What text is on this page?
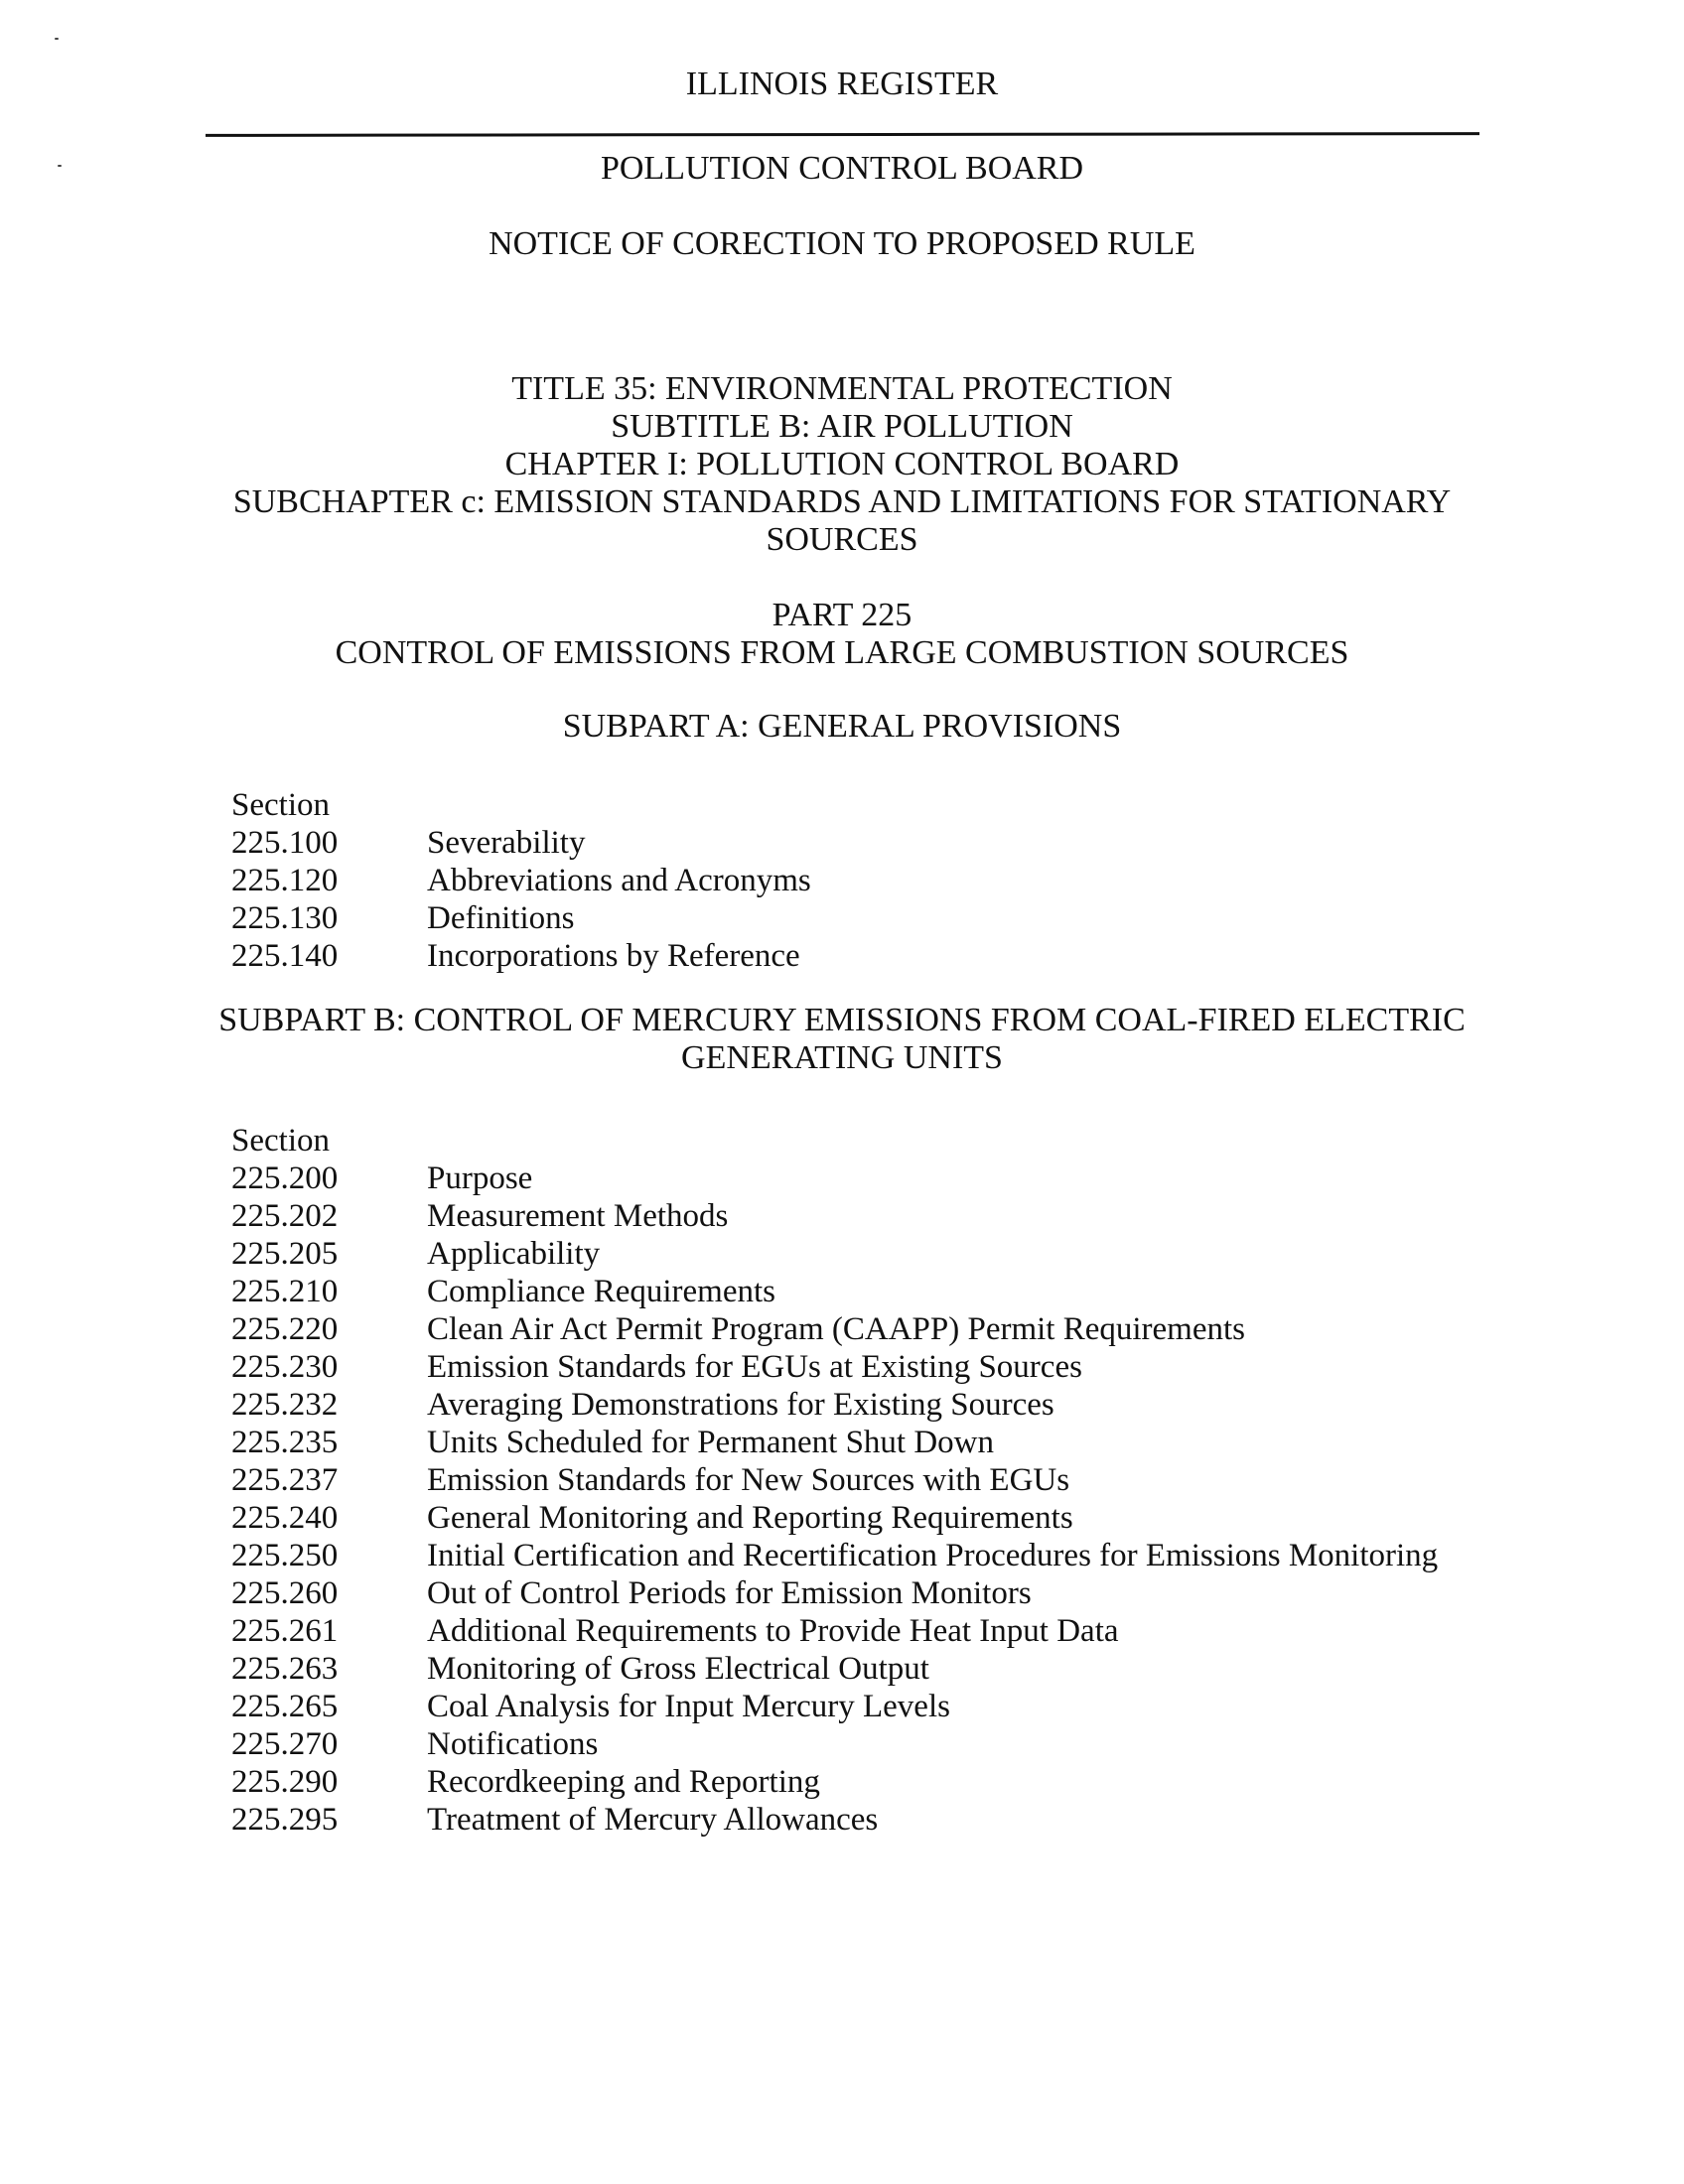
ILLINOIS REGISTER
POLLUTION CONTROL BOARD
NOTICE OF CORECTION TO PROPOSED RULE
TITLE 35: ENVIRONMENTAL PROTECTION
SUBTITLE B: AIR POLLUTION
CHAPTER I: POLLUTION CONTROL BOARD
SUBCHAPTER c: EMISSION STANDARDS AND LIMITATIONS FOR STATIONARY
SOURCES
PART 225
CONTROL OF EMISSIONS FROM LARGE COMBUSTION SOURCES
SUBPART A: GENERAL PROVISIONS
Section
225.100	Severability
225.120	Abbreviations and Acronyms
225.130	Definitions
225.140	Incorporations by Reference
SUBPART B: CONTROL OF MERCURY EMISSIONS FROM COAL-FIRED ELECTRIC
GENERATING UNITS
Section
225.200	Purpose
225.202	Measurement Methods
225.205	Applicability
225.210	Compliance Requirements
225.220	Clean Air Act Permit Program (CAAPP) Permit Requirements
225.230	Emission Standards for EGUs at Existing Sources
225.232	Averaging Demonstrations for Existing Sources
225.235	Units Scheduled for Permanent Shut Down
225.237	Emission Standards for New Sources with EGUs
225.240	General Monitoring and Reporting Requirements
225.250	Initial Certification and Recertification Procedures for Emissions Monitoring
225.260	Out of Control Periods for Emission Monitors
225.261	Additional Requirements to Provide Heat Input Data
225.263	Monitoring of Gross Electrical Output
225.265	Coal Analysis for Input Mercury Levels
225.270	Notifications
225.290	Recordkeeping and Reporting
225.295	Treatment of Mercury Allowances
